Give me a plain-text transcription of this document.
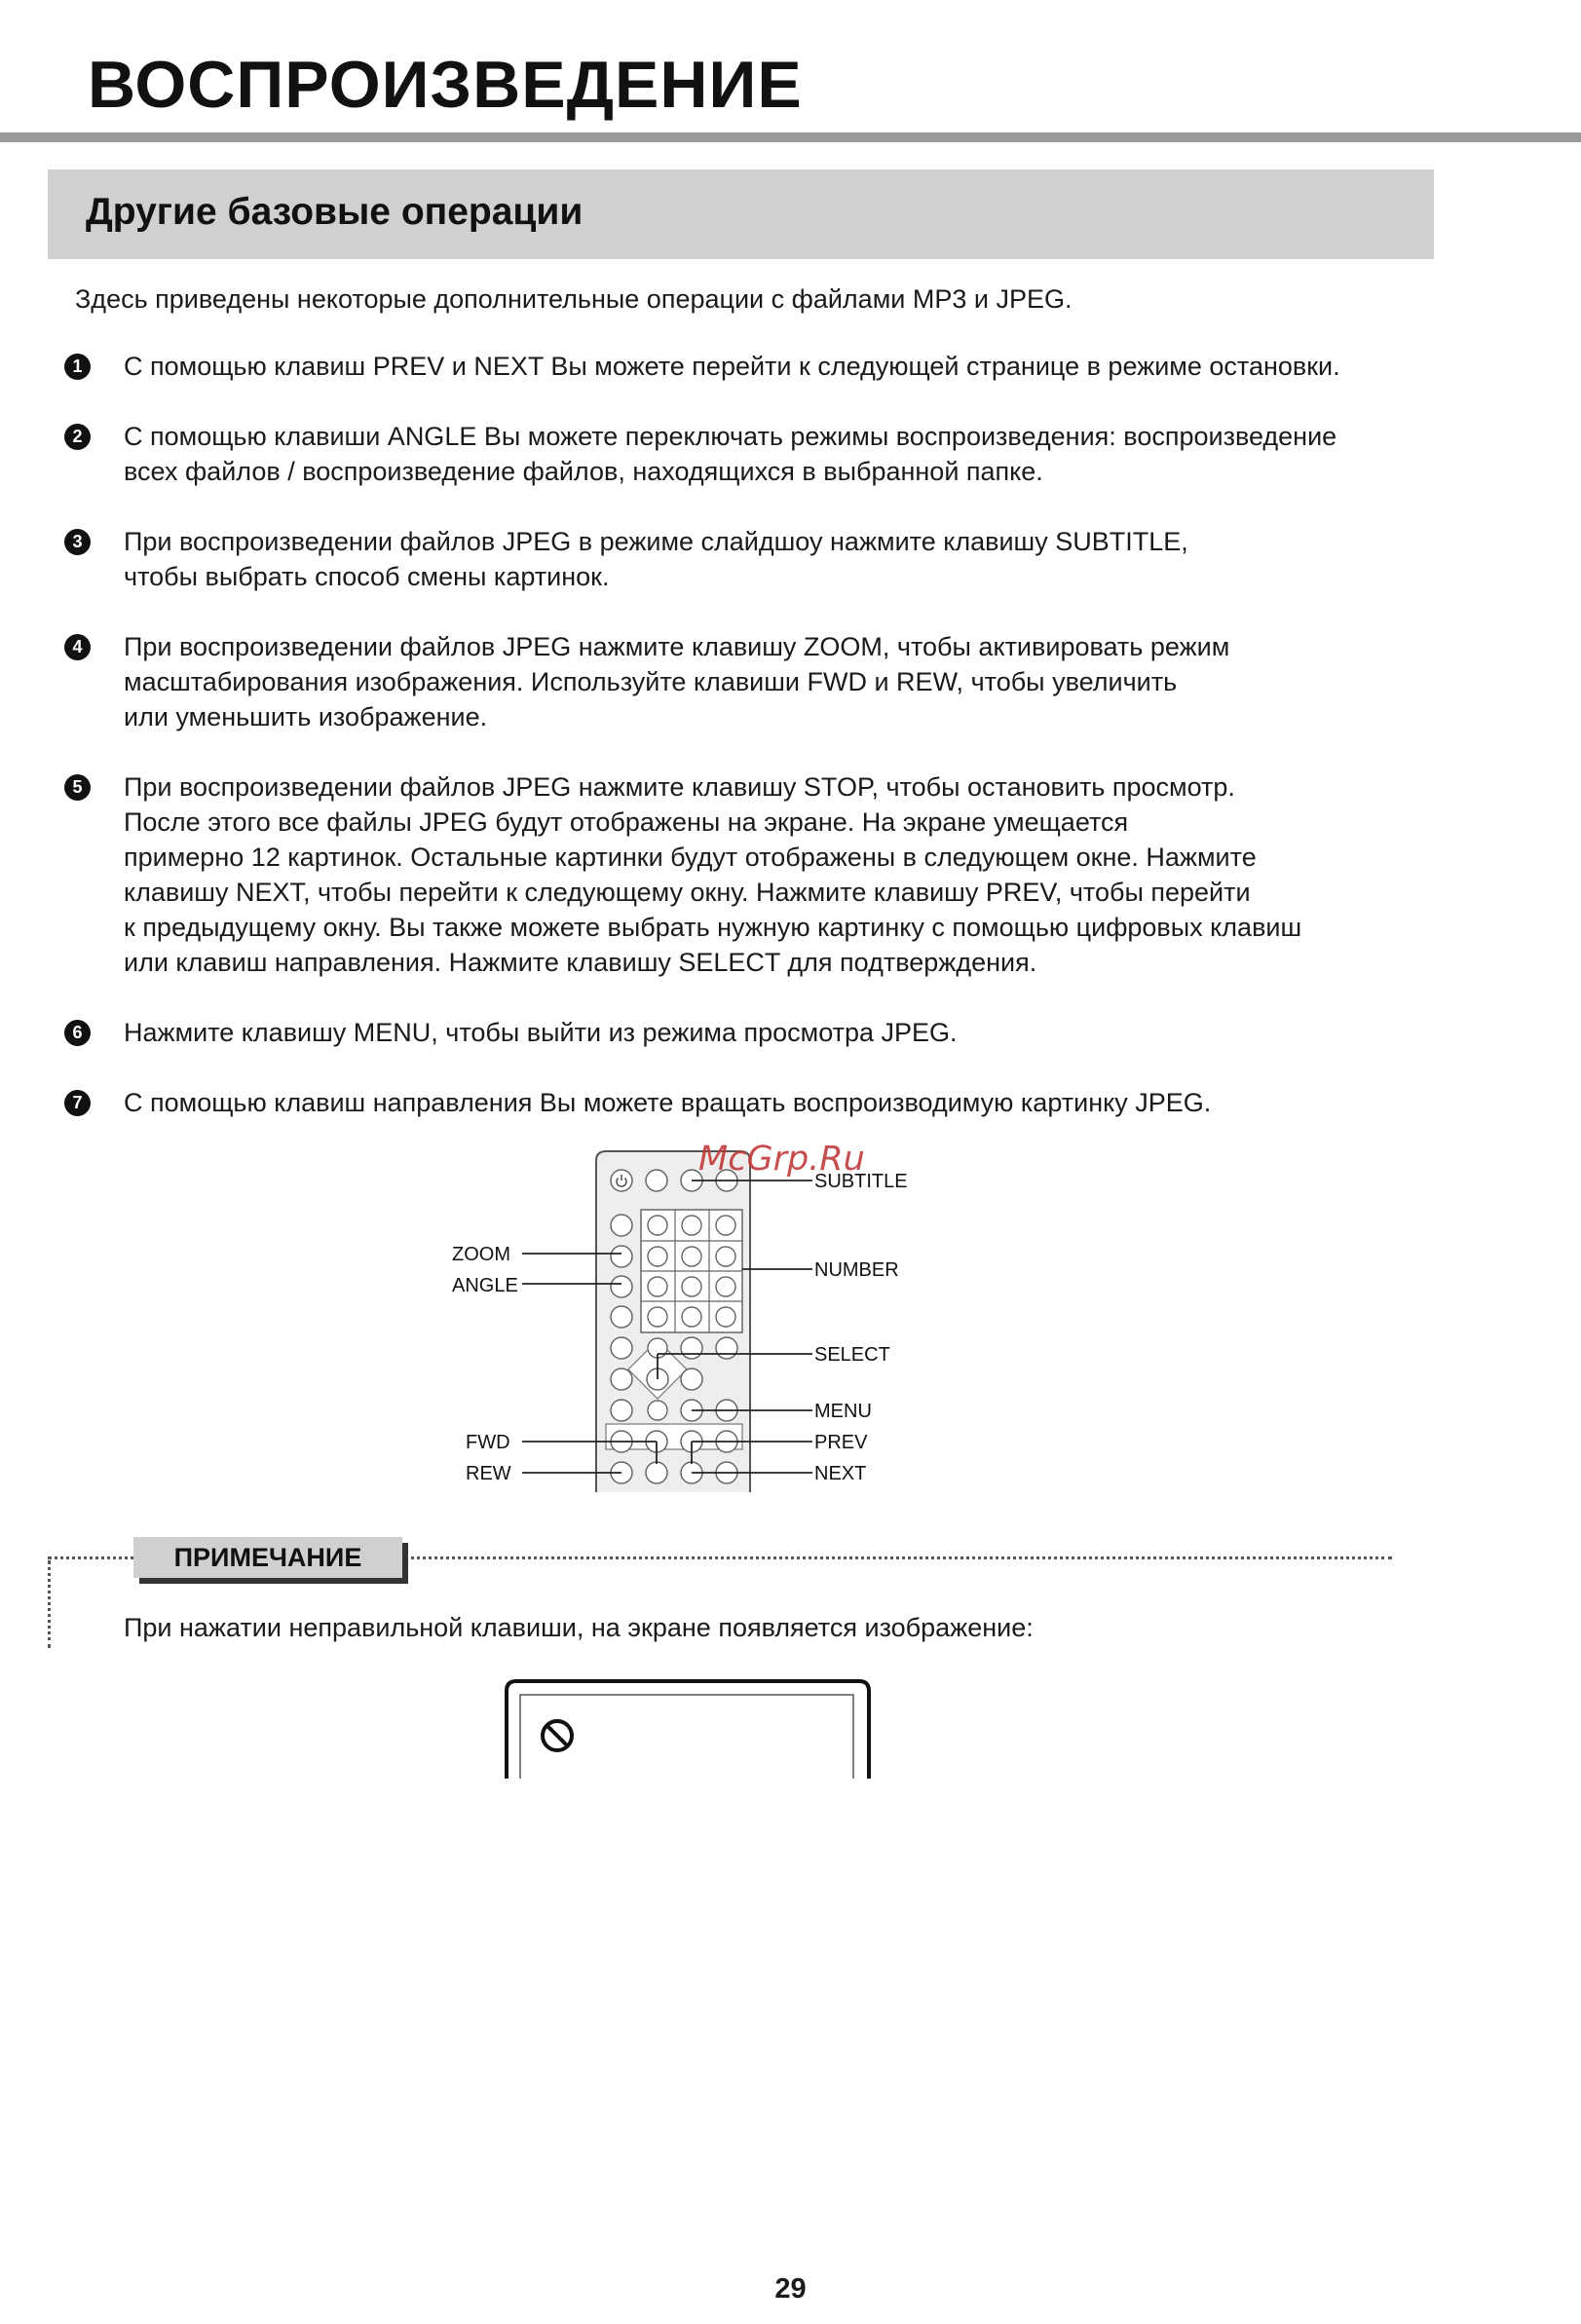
ВОСПРОИЗВЕДЕНИЕ
Другие базовые операции

Здесь приведены некоторые дополнительные операции с файлами MP3 и JPEG.

1	С помощью клавиш PREV и NEXT Вы можете перейти к следующей странице в режиме остановки.

2	С помощью клавиши ANGLE Вы можете переключать режимы воспроизведения: воспроизведение
всех файлов / воспроизведение файлов, находящихся в выбранной папке.

3	При воспроизведении файлов JPEG в режиме слайдшоу нажмите клавишу SUBTITLE,
чтобы выбрать способ смены картинок.

4	При воспроизведении файлов JPEG нажмите клавишу ZOOM, чтобы активировать режим
масштабирования изображения. Используйте клавиши FWD и REW, чтобы увеличить
или уменьшить изображение.

5	При воспроизведении файлов JPEG нажмите клавишу STOP, чтобы остановить просмотр.
После этого все файлы JPEG будут отображены на экране. На экране умещается
примерно 12 картинок. Остальные картинки будут отображены в следующем окне. Нажмите
клавишу NEXT, чтобы перейти к следующему окну. Нажмите клавишу PREV, чтобы перейти
к предыдущему окну. Вы также можете выбрать нужную картинку с помощью цифровых клавиш
или клавиш направления. Нажмите клавишу SELECT для подтверждения.

6	Нажмите клавишу MENU, чтобы выйти из режима просмотра JPEG.

7	С помощью клавиш направления Вы можете вращать воспроизводимую картинку JPEG.

SUBTITLE
ZOOM
ANGLE
NUMBER
SELECT
MENU
FWD	PREV
REW	NEXT
McGrp.Ru
ПРИМЕЧАНИЕ

При нажатии неправильной клавиши, на экране появляется изображение:

29
